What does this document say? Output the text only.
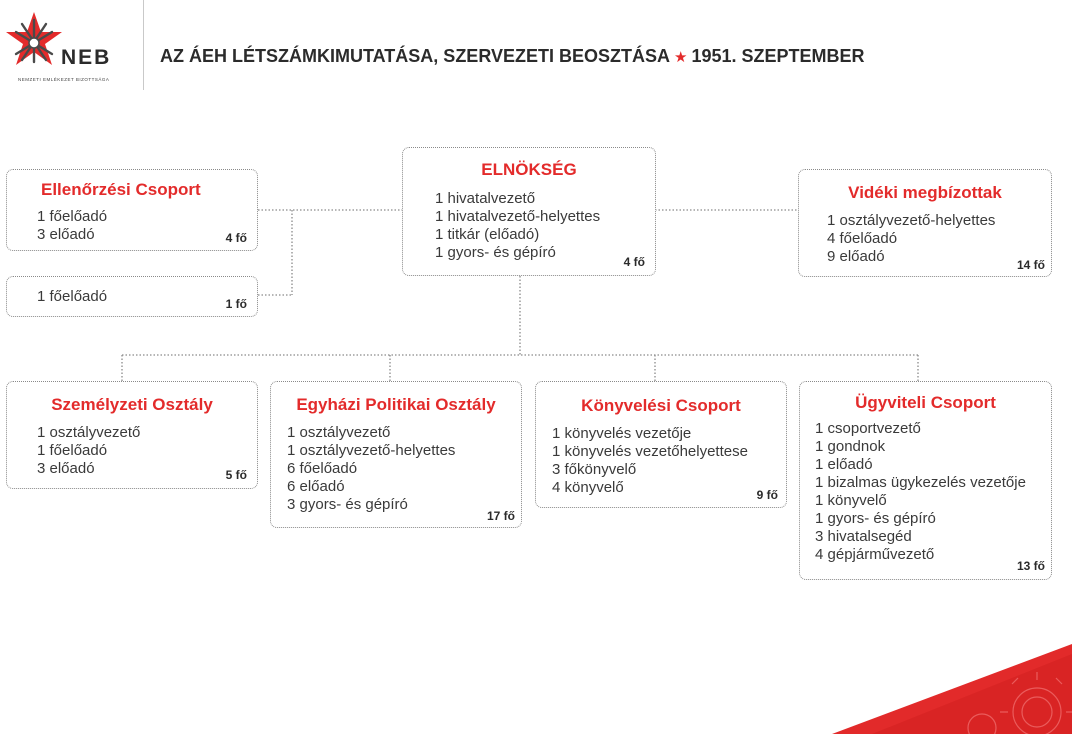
NEB
NEMZETI EMLÉKEZET BIZOTTSÁGA
AZ ÁEH LÉTSZÁMKIMUTATÁSA, SZERVEZETI BEOSZTÁSA ★ 1951. SZEPTEMBER
ELNÖKSÉG
1 hivatalvezető
1 hivatalvezető-helyettes
1 titkár (előadó)
1 gyors- és gépíró
4 fő
Ellenőrzési Csoport
1 főelőadó
3 előadó	4 fő
1 főelőadó	1 fő
Vidéki megbízottak
1 osztályvezető-helyettes
4 főelőadó
9 előadó	14 fő
Személyzeti Osztály
1 osztályvezető
1 főelőadó
3 előadó	5 fő
Egyházi Politikai Osztály
1 osztályvezető
1 osztályvezető-helyettes
6 főelőadó
6 előadó
3 gyors- és gépíró
17 fő
Könyvelési Csoport
1 könyvelés vezetője
1 könyvelés vezetőhelyettese
3 főkönyvelő
4 könyvelő	9 fő
Ügyviteli Csoport
1 csoportvezető
1 gondnok
1 előadó
1 bizalmas ügykezelés vezetője
1 könyvelő
1 gyors- és gépíró
3 hivatalsegéd
4 gépjárművezető
13 fő
